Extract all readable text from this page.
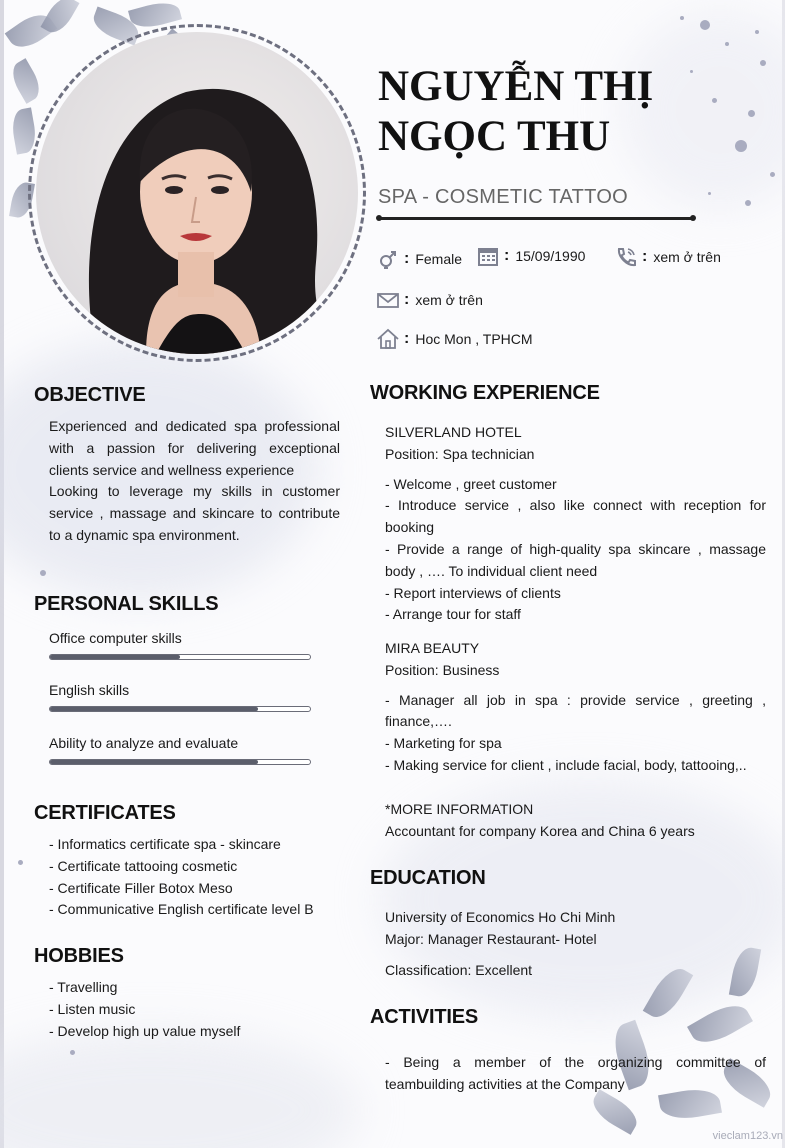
NGUYỄN THỊ
NGỌC THU
SPA - COSMETIC TATTOO
: Female	: 15/09/1990	: xem ở trên
: xem ở trên
: Hoc Mon , TPHCM
OBJECTIVE
Experienced and dedicated spa professional with a passion for delivering exceptional clients service and wellness experience
Looking to leverage my skills in customer service , massage and skincare to contribute to a dynamic spa environment.
PERSONAL SKILLS
Office computer skills
English skills
Ability to analyze and evaluate
CERTIFICATES
- Informatics certificate spa - skincare
- Certificate tattooing cosmetic
- Certificate Filler Botox Meso
- Communicative English certificate level B
HOBBIES
- Travelling
- Listen music
- Develop high up value myself
WORKING EXPERIENCE
SILVERLAND HOTEL
Position: Spa technician
- Welcome , greet customer
- Introduce service , also like connect with reception for booking
- Provide a range of high-quality spa skincare , massage body , …. To individual client need
- Report interviews of clients
- Arrange tour for staff
MIRA BEAUTY
Position: Business
- Manager all job in spa : provide service , greeting , finance,….
- Marketing for spa
- Making service for client , include facial, body, tattooing,..
*MORE INFORMATION
Accountant for company Korea and China 6 years
EDUCATION
University of Economics Ho Chi Minh
Major: Manager Restaurant- Hotel
Classification: Excellent
ACTIVITIES
- Being a member of the organizing committee of teambuilding activities at the Company
vieclam123.vn
